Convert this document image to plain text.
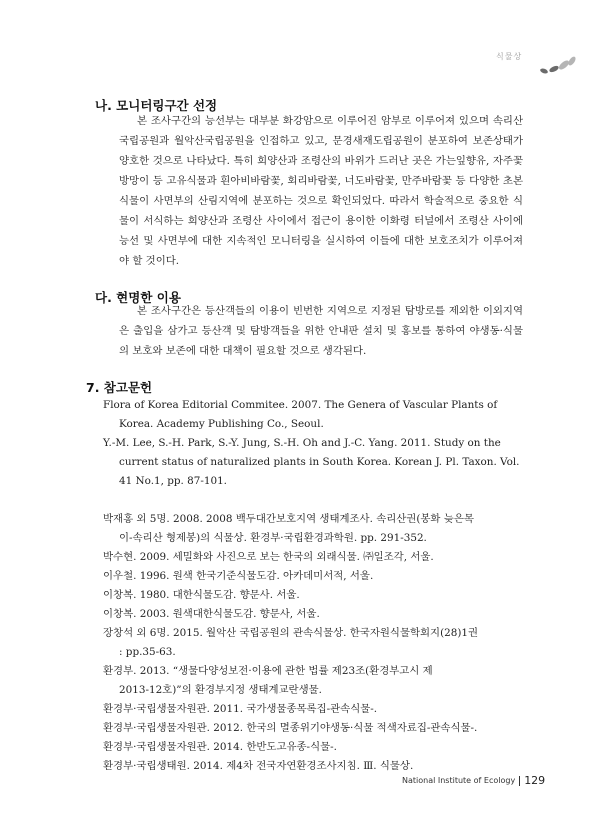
식물상
나. 모니터링구간 선정

본 조사구간의 능선부는 대부분 화강암으로 이루어진 암부로 이루어져 있으며 속리산국립공원과 월악산국립공원을 인접하고 있고, 문경새재도립공원이 분포하여 보존상태가 양호한 것으로 나타났다. 특히 희양산과 조령산의 바위가 드러난 곳은 가는잎향유, 자주꽃방망이 등 고유식물과 흰아비바람꽃, 회리바람꽃, 너도바람꽃, 만주바람꽃 등 다양한 초본식물이 사면부의 산림지역에 분포하는 것으로 확인되었다. 따라서 학술적으로 중요한 식물이 서식하는 희양산과 조령산 사이에서 접근이 용이한 이화령 터널에서 조령산 사이에 능선 및 사면부에 대한 지속적인 모니터링을 실시하여 이들에 대한 보호조치가 이루어져야 할 것이다.

다. 현명한 이용

본 조사구간은 등산객들의 이용이 빈번한 지역으로 지정된 탐방로를 제외한 이외지역은 출입을 삼가고 등산객 및 탐방객들을 위한 안내판 설치 및 홍보를 통하여 야생동·식물의 보호와 보존에 대한 대책이 필요할 것으로 생각된다.

7. 참고문헌
Flora of Korea Editorial Commitee. 2007. The Genera of Vascular Plants of
Korea. Academy Publishing Co., Seoul.
Y.-M. Lee, S.-H. Park, S.-Y. Jung, S.-H. Oh and J.-C. Yang. 2011. Study on the
current status of naturalized plants in South Korea. Korean J. Pl. Taxon. Vol. 41 No.1, pp. 87-101.
박재홍 외 5명. 2008. 2008 백두대간보호지역 생태계조사. 속리산권(봉화 늦은목
이-속리산 형제봉)의 식물상. 환경부·국립환경과학원. pp. 291-352.
박수현. 2009. 세밀화와 사진으로 보는 한국의 외래식물. ㈜일조각, 서울.
이우철. 1996. 원색 한국기준식물도감. 아카데미서적, 서울.
이창복. 1980. 대한식물도감. 향문사. 서울.
이창복. 2003. 원색대한식물도감. 향문사, 서울.
장창석 외 6명. 2015. 월악산 국립공원의 관속식물상. 한국자원식물학회지(28)1권
: pp.35-63.
환경부. 2013. “생물다양성보전·이용에 관한 법률 제23조(환경부고시 제
2013-12호)”의 환경부지정 생태계교란생물.
환경부·국립생물자원관. 2011. 국가생물종목록집-관속식물-.
환경부·국립생물자원관. 2012. 한국의 멸종위기야생동·식물 적색자료집-관속식물-.
환경부·국립생물자원관. 2014. 한반도고유종-식물-.
환경부·국립생태원. 2014. 제4차 전국자연환경조사지침. Ⅲ. 식물상.
National Institute of Ecology 129
